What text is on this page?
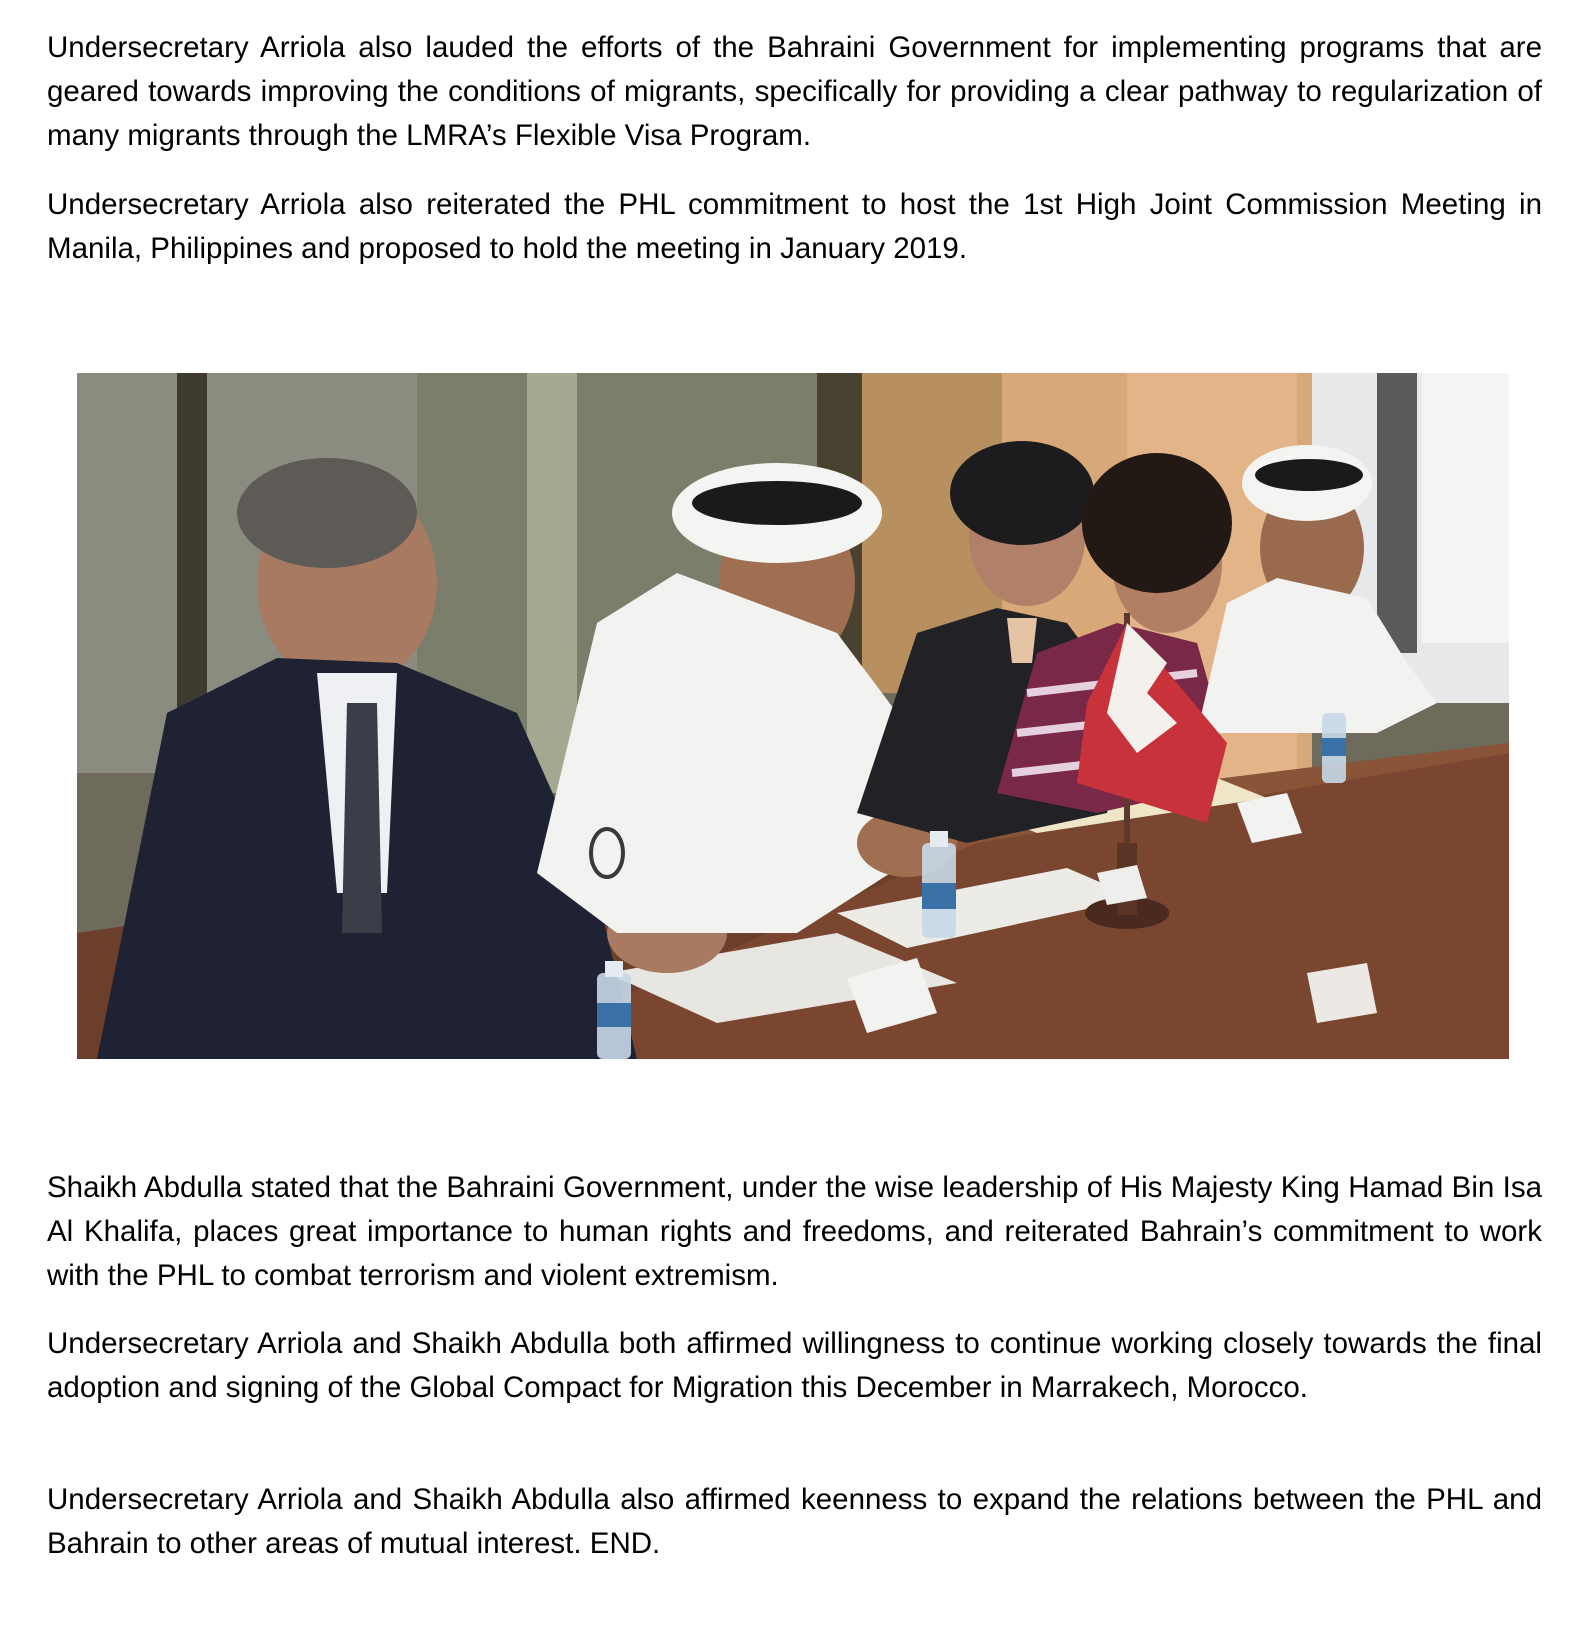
Undersecretary Arriola also lauded the efforts of the Bahraini Government for implementing programs that are geared towards improving the conditions of migrants, specifically for providing a clear pathway to regularization of many migrants through the LMRA’s Flexible Visa Program.

Undersecretary Arriola also reiterated the PHL commitment to host the 1st High Joint Commission Meeting in Manila, Philippines and proposed to hold the meeting in January 2019.

Shaikh Abdulla stated that the Bahraini Government, under the wise leadership of His Majesty King Hamad Bin Isa Al Khalifa, places great importance to human rights and freedoms, and reiterated Bahrain’s commitment to work with the PHL to combat terrorism and violent extremism.

Undersecretary Arriola and Shaikh Abdulla both affirmed willingness to continue working closely towards the final adoption and signing of the Global Compact for Migration this December in Marrakech, Morocco.

Undersecretary Arriola and Shaikh Abdulla also affirmed keenness to expand the relations between the PHL and Bahrain to other areas of mutual interest. END.
